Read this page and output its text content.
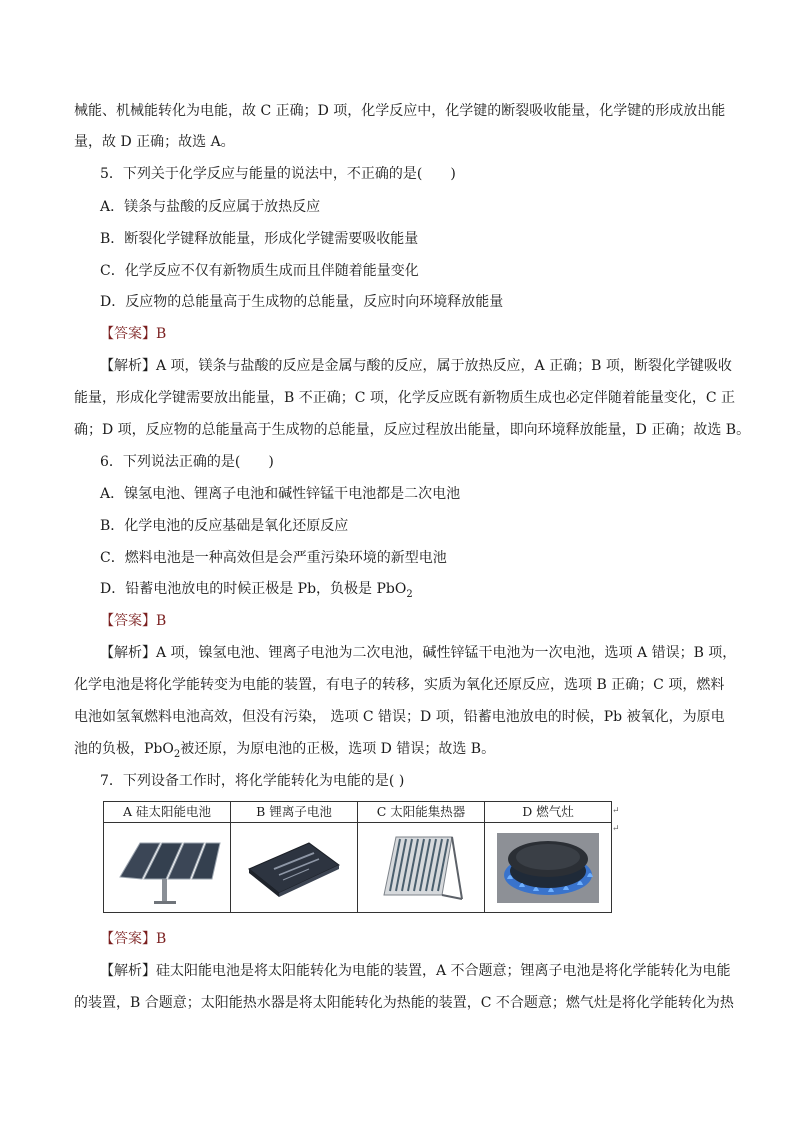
械能、机械能转化为电能，故 C 正确；D 项，化学反应中，化学键的断裂吸收能量，化学键的形成放出能
量，故 D 正确；故选 A。
5．下列关于化学反应与能量的说法中，不正确的是(　　)
A．镁条与盐酸的反应属于放热反应
B．断裂化学键释放能量，形成化学键需要吸收能量
C．化学反应不仅有新物质生成而且伴随着能量变化
D．反应物的总能量高于生成物的总能量，反应时向环境释放能量
【答案】B
【解析】A 项，镁条与盐酸的反应是金属与酸的反应，属于放热反应，A 正确；B 项，断裂化学键吸收
能量，形成化学键需要放出能量，B 不正确；C 项，化学反应既有新物质生成也必定伴随着能量变化，C 正
确；D 项，反应物的总能量高于生成物的总能量，反应过程放出能量，即向环境释放能量，D 正确；故选 B。
6．下列说法正确的是(　　)
A．镍氢电池、锂离子电池和碱性锌锰干电池都是二次电池
B．化学电池的反应基础是氧化还原反应
C．燃料电池是一种高效但是会严重污染环境的新型电池
D．铅蓄电池放电的时候正极是 Pb，负极是 PbO$_2$
【答案】B
【解析】A 项，镍氢电池、锂离子电池为二次电池，碱性锌锰干电池为一次电池，选项 A 错误；B 项，
化学电池是将化学能转变为电能的装置，有电子的转移，实质为氧化还原反应，选项 B 正确；C 项，燃料
电池如氢氧燃料电池高效，但没有污染， 选项 C 错误；D 项，铅蓄电池放电的时候，Pb 被氧化，为原电
池的负极，PbO$_2$被还原，为原电池的正极，选项 D 错误；故选 B。
7．下列设备工作时，将化学能转化为电能的是( )
A 硅太阳能电池	B 锂离子电池	C 太阳能集热器	D 燃气灶	↵
↵
【答案】B
【解析】硅太阳能电池是将太阳能转化为电能的装置，A 不合题意；锂离子电池是将化学能转化为电能
的装置，B 合题意；太阳能热水器是将太阳能转化为热能的装置，C 不合题意；燃气灶是将化学能转化为热
